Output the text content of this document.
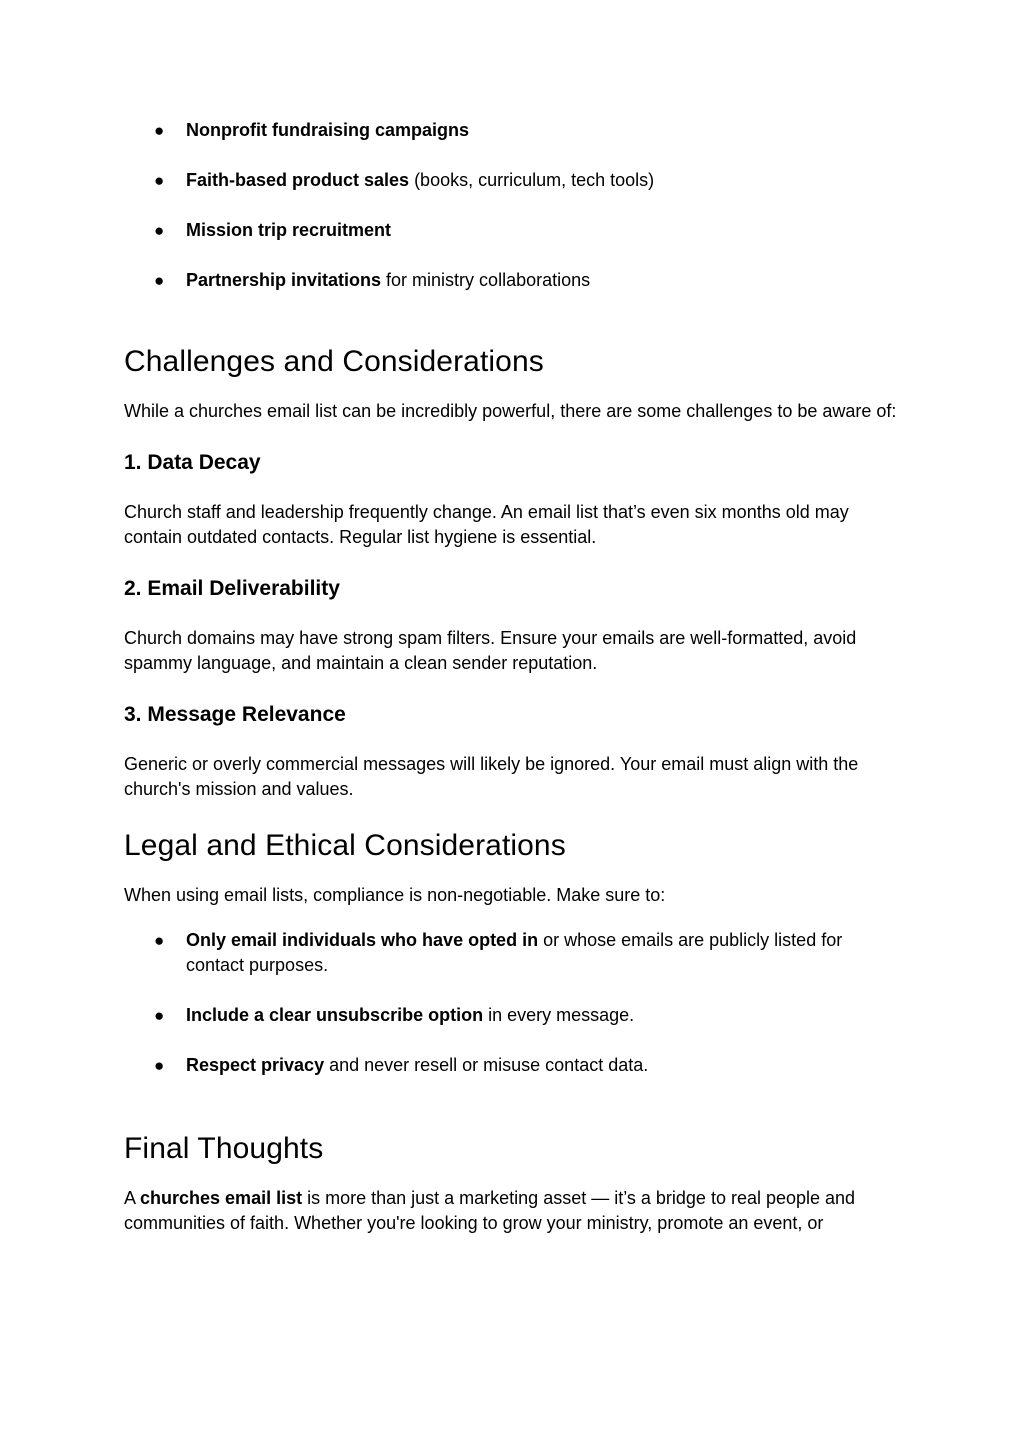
● Nonprofit fundraising campaigns
● Faith-based product sales (books, curriculum, tech tools)
● Mission trip recruitment
● Partnership invitations for ministry collaborations
Challenges and Considerations

While a churches email list can be incredibly powerful, there are some challenges to be aware of:

1. Data Decay

Church staff and leadership frequently change. An email list that’s even six months old may contain outdated contacts. Regular list hygiene is essential.

2. Email Deliverability

Church domains may have strong spam filters. Ensure your emails are well-formatted, avoid spammy language, and maintain a clean sender reputation.

3. Message Relevance

Generic or overly commercial messages will likely be ignored. Your email must align with the church's mission and values.

Legal and Ethical Considerations

When using email lists, compliance is non-negotiable. Make sure to:

● Only email individuals who have opted in or whose emails are publicly listed for contact purposes.
● Include a clear unsubscribe option in every message.
● Respect privacy and never resell or misuse contact data.
Final Thoughts

A churches email list is more than just a marketing asset — it’s a bridge to real people and communities of faith. Whether you're looking to grow your ministry, promote an event, or
